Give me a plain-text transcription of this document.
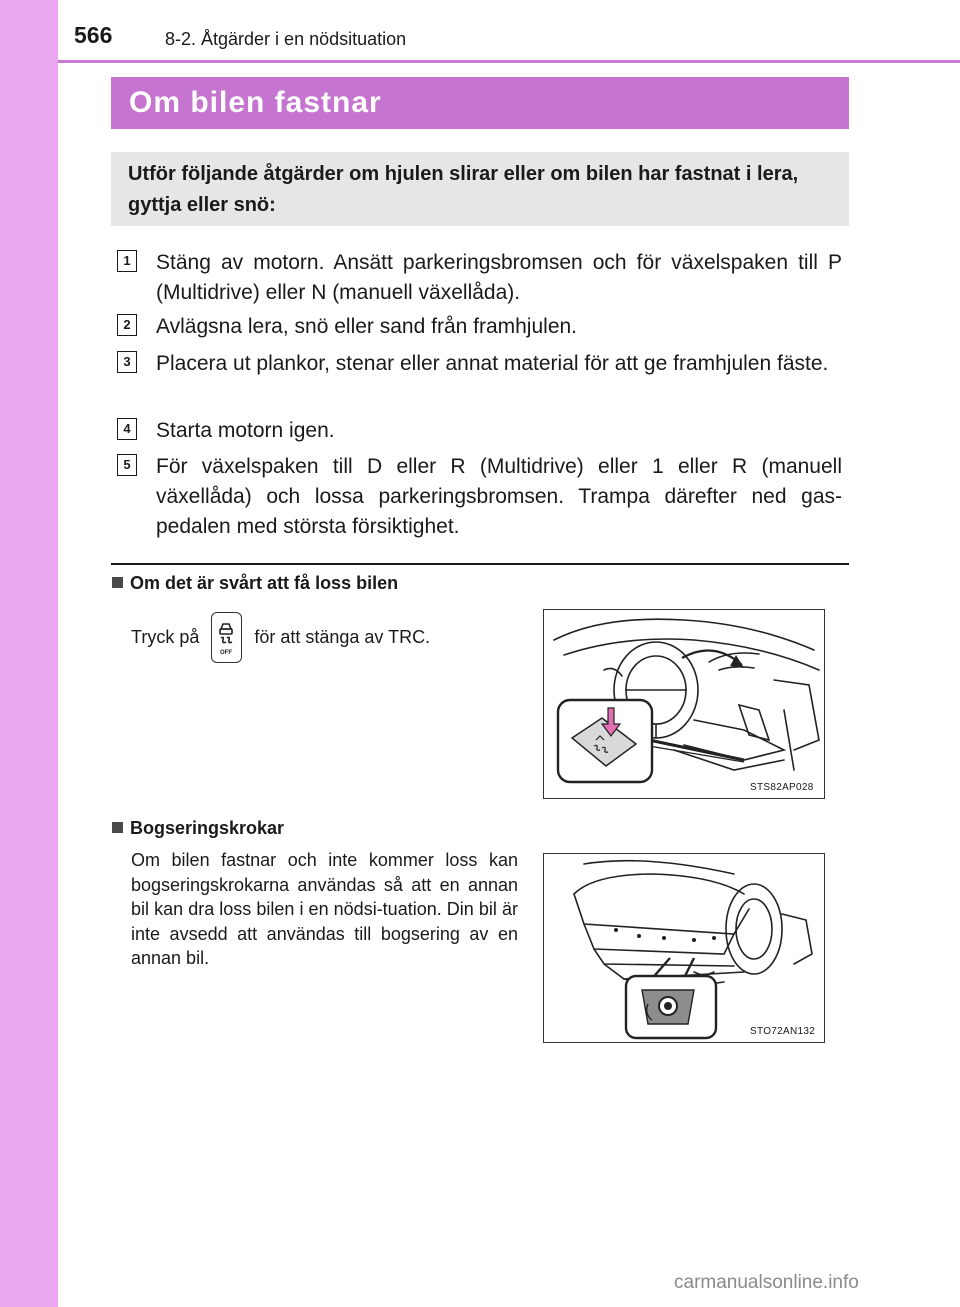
566	8-2. Åtgärder i en nödsituation
Om bilen fastnar
Utför följande åtgärder om hjulen slirar eller om bilen har fastnat i lera, gyttja eller snö:
1	Stäng av motorn. Ansätt parkeringsbromsen och för växelspaken till P (Multidrive) eller N (manuell växellåda).
2	Avlägsna lera, snö eller sand från framhjulen.
3	Placera ut plankor, stenar eller annat material för att ge framhjulen fäste.
4	Starta motorn igen.
5	För växelspaken till D eller R (Multidrive) eller 1 eller R (manuell växellåda) och lossa parkeringsbromsen. Trampa därefter ned gas-pedalen med största försiktighet.
Om det är svårt att få loss bilen
Tryck på
OFF
för att stänga av TRC.
STS82AP028
Bogseringskrokar
Om bilen fastnar och inte kommer loss kan bogseringskrokarna användas så att en annan bil kan dra loss bilen i en nödsi-tuation. Din bil är inte avsedd att användas till bogsering av en annan bil.
STO72AN132
carmanualsonline.info
